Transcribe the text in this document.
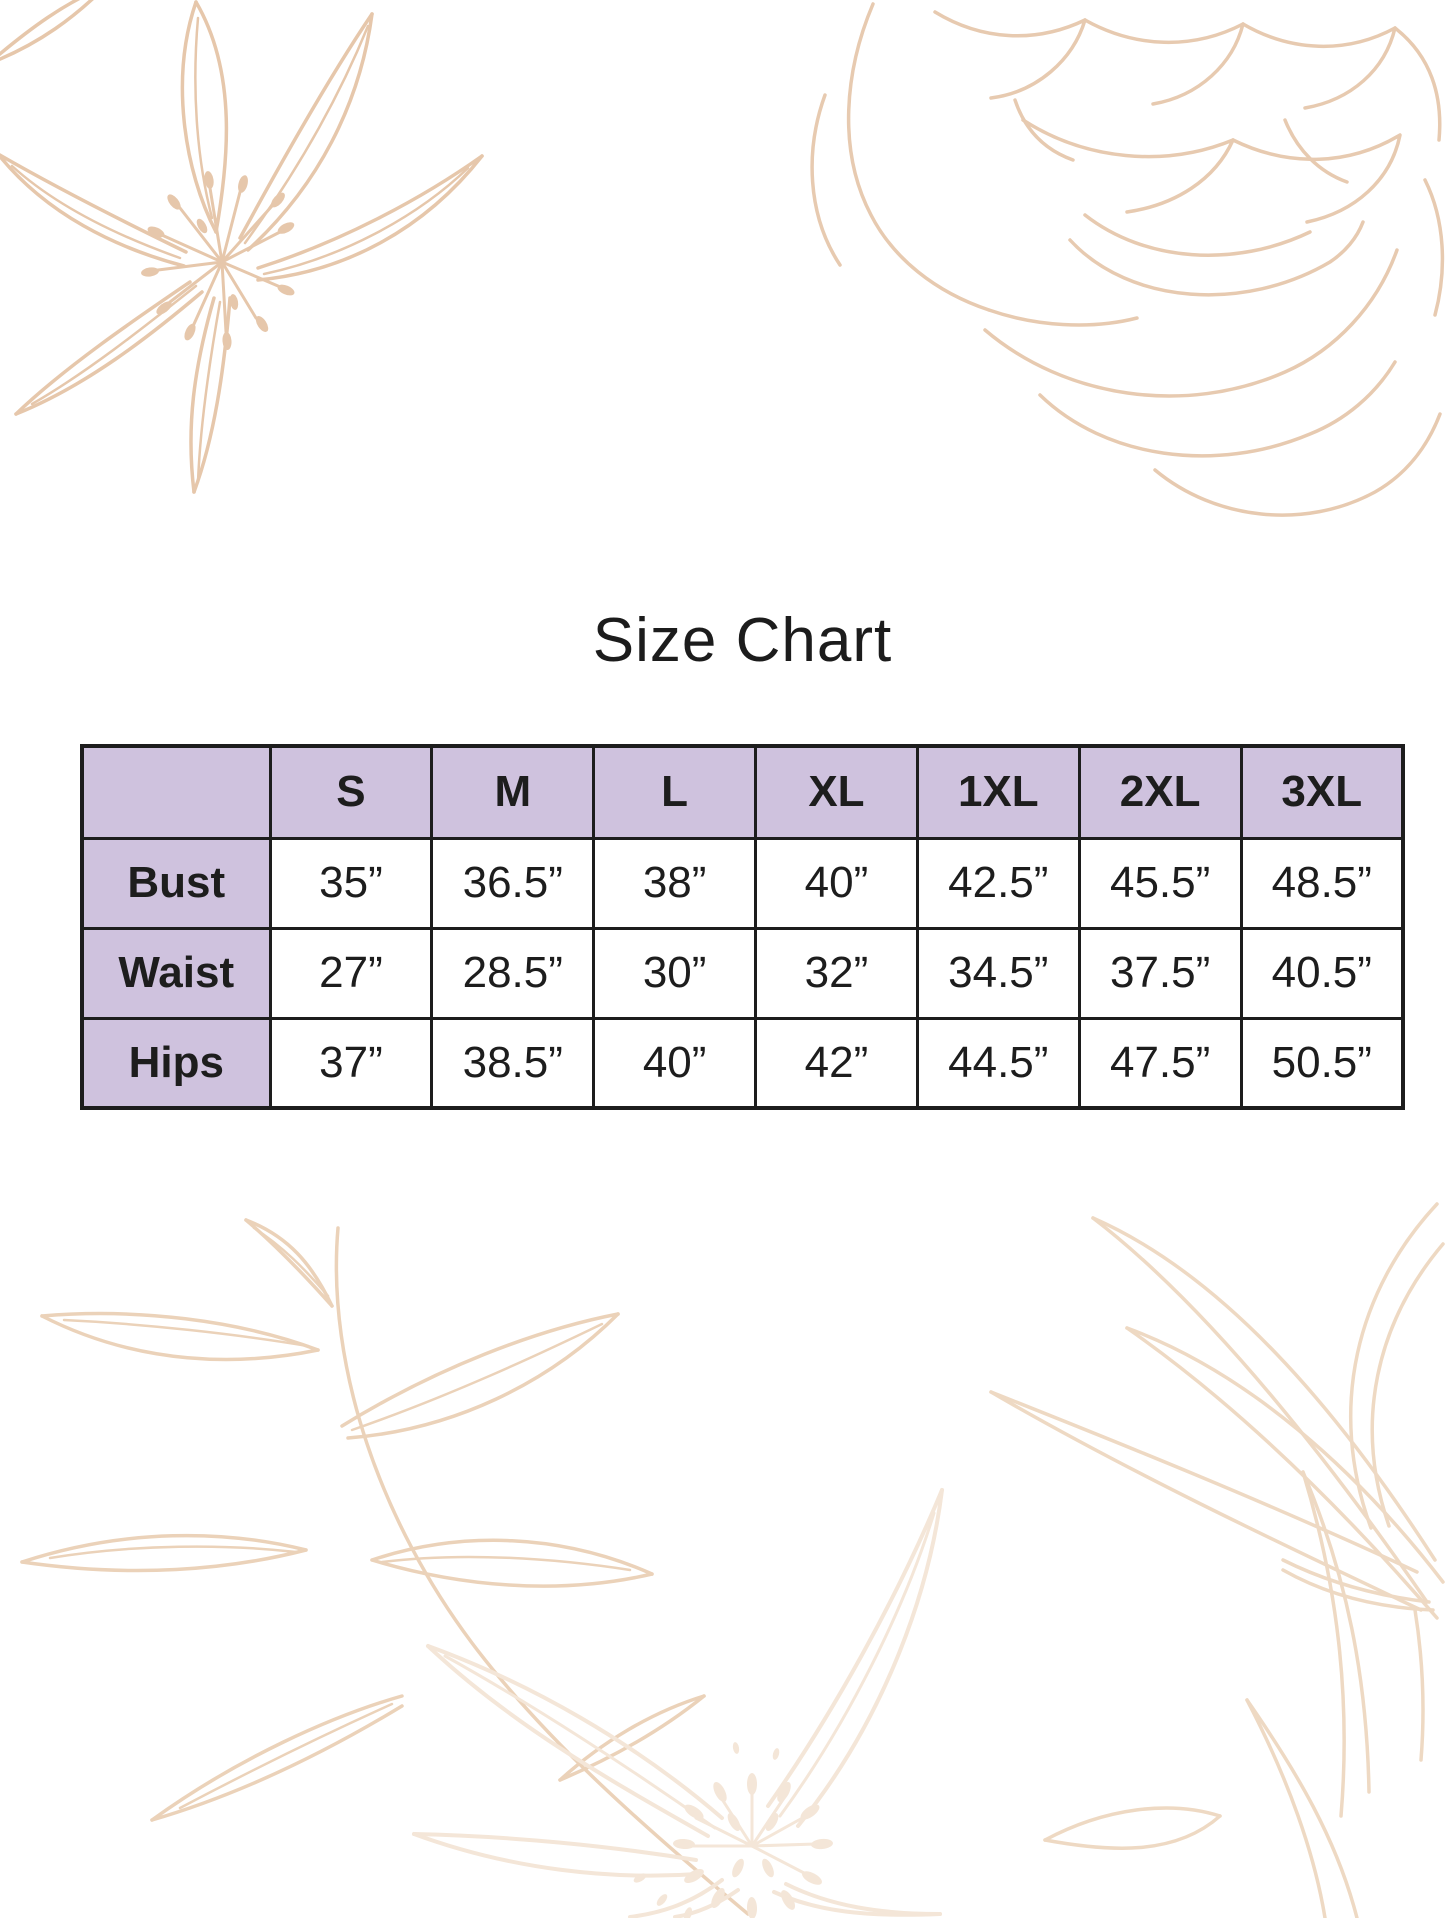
Size Chart
	S	M	L	XL	1XL	2XL	3XL
Bust	35”	36.5”	38”	40”	42.5”	45.5”	48.5”
Waist	27”	28.5”	30”	32”	34.5”	37.5”	40.5”
Hips	37”	38.5”	40”	42”	44.5”	47.5”	50.5”
